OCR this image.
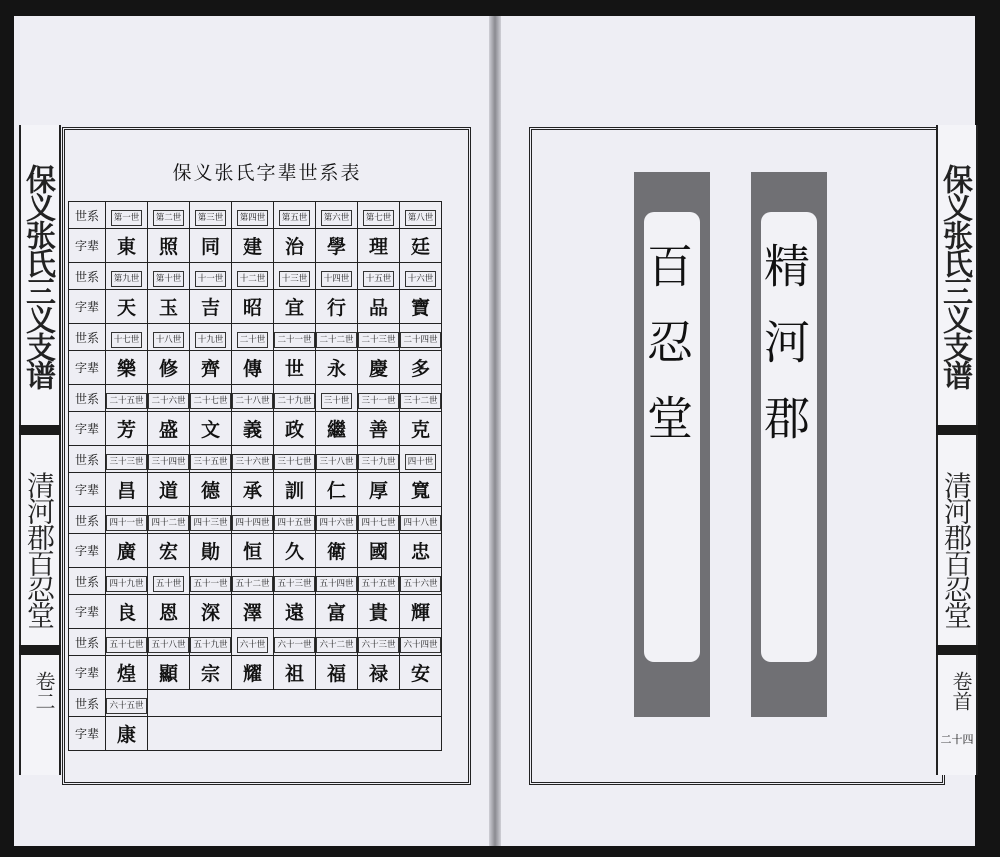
保义张氏三义支谱
清河郡百忍堂
卷二
保义张氏字辈世系表
世系	第一世	第二世	第三世	第四世	第五世	第六世	第七世	第八世
字辈	東	照	同	建	治	學	理	廷
世系	第九世	第十世	十一世	十二世	十三世	十四世	十五世	十六世
字辈	天	玉	吉	昭	宜	行	品	寶
世系	十七世	十八世	十九世	二十世	二十一世	二十二世	二十三世	二十四世
字辈	樂	修	齊	傳	世	永	慶	多
世系	二十五世	二十六世	二十七世	二十八世	二十九世	三十世	三十一世	三十二世
字辈	芳	盛	文	義	政	繼	善	克
世系	三十三世	三十四世	三十五世	三十六世	三十七世	三十八世	三十九世	四十世
字辈	昌	道	德	承	訓	仁	厚	寬
世系	四十一世	四十二世	四十三世	四十四世	四十五世	四十六世	四十七世	四十八世
字辈	廣	宏	勛	恒	久	衛	國	忠
世系	四十九世	五十世	五十一世	五十二世	五十三世	五十四世	五十五世	五十六世
字辈	良	恩	深	澤	遠	富	貴	輝
世系	五十七世	五十八世	五十九世	六十世	六十一世	六十二世	六十三世	六十四世
字辈	煌	顯	宗	耀	祖	福	禄	安
世系	六十五世							
字辈	康							
百忍堂 精河郡	保义张氏三义支谱
清河郡百忍堂
卷首
二十四
